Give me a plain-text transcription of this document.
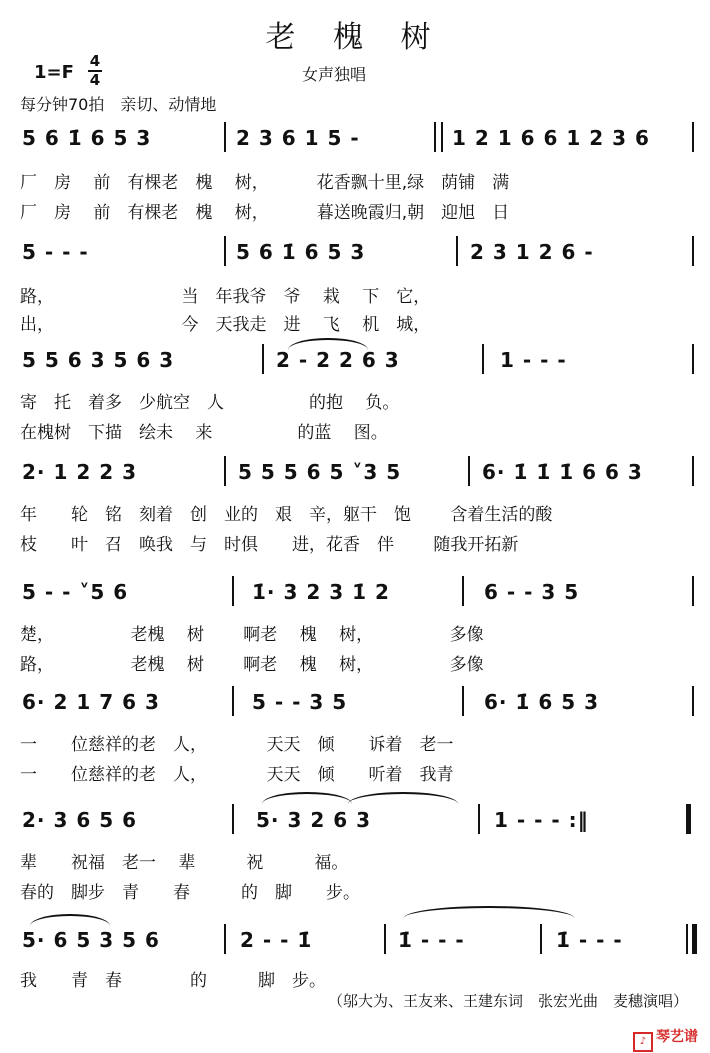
老 槐 树
1=F
4
4	女声独唱
每分钟70拍　亲切、动情地
5 6 1̇ 6 5 3	2 3 6 1 5 -	1 2 1 6 6 1 2 3 6
厂　房　 前　有棵老　槐　 树，　　　 花香飘十里,绿　荫铺　满
厂　房　 前　有棵老　槐　 树，　　　 暮送晚霞归,朝　迎旭　日
5 - - -	5 6 1̇ 6 5 3	2 3 1 2 6 -
路，　　　　　　　　当　年我爷　爷　 栽　 下　它，
出，　　　　　　　　今　天我走　进　 飞　 机　城，
5 5 6 3 5 6 3	2 - 2 2 6 3	1 - - -
寄　托　着多　少航空　人　　　　　的抱　 负。
在槐树　下描　绘未　 来　　　　　的蓝　 图。
2· 1 2 2 3	5 5 5 6 5 ˅3 5	6· 1̇ 1̇ 1̇ 6 6 3
年　　轮　铭　刻着　创　业的　艰　辛，躯干　饱　　 含着生活的酸
枝　　叶　召　唤我　与　时俱　　进，花香　伴　　 随我开拓新
5 - - ˅5 6	1̇· 3 2 3 1̇ 2	6 - - 3 5
楚，　　　　　老槐　 树　　 啊老　 槐　 树，　　　　　多像
路，　　　　　老槐　 树　　 啊老　 槐　 树，　　　　　多像
6· 2 1 7 6 3	5 - - 3 5	6· 1̇ 6 5 3
一　　位慈祥的老　人，　　　　天天　倾　　诉着　老一
一　　位慈祥的老　人，　　　　天天　倾　　听着　我青
2· 3 6 5 6	5· 3 2 6 3	1 - - - :‖
辈　　祝福　老一　 辈　　　祝　　　福。
春的　脚步　青　　春　　　的　脚　　步。
5· 6 5 3 5 6	2 - - 1̇	1̇ - - -	1̇ - - -
我　　青　春　　　　的　　　脚　步。
（邬大为、王友来、王建东词　张宏光曲　麦穗演唱）
♪ 琴艺谱
